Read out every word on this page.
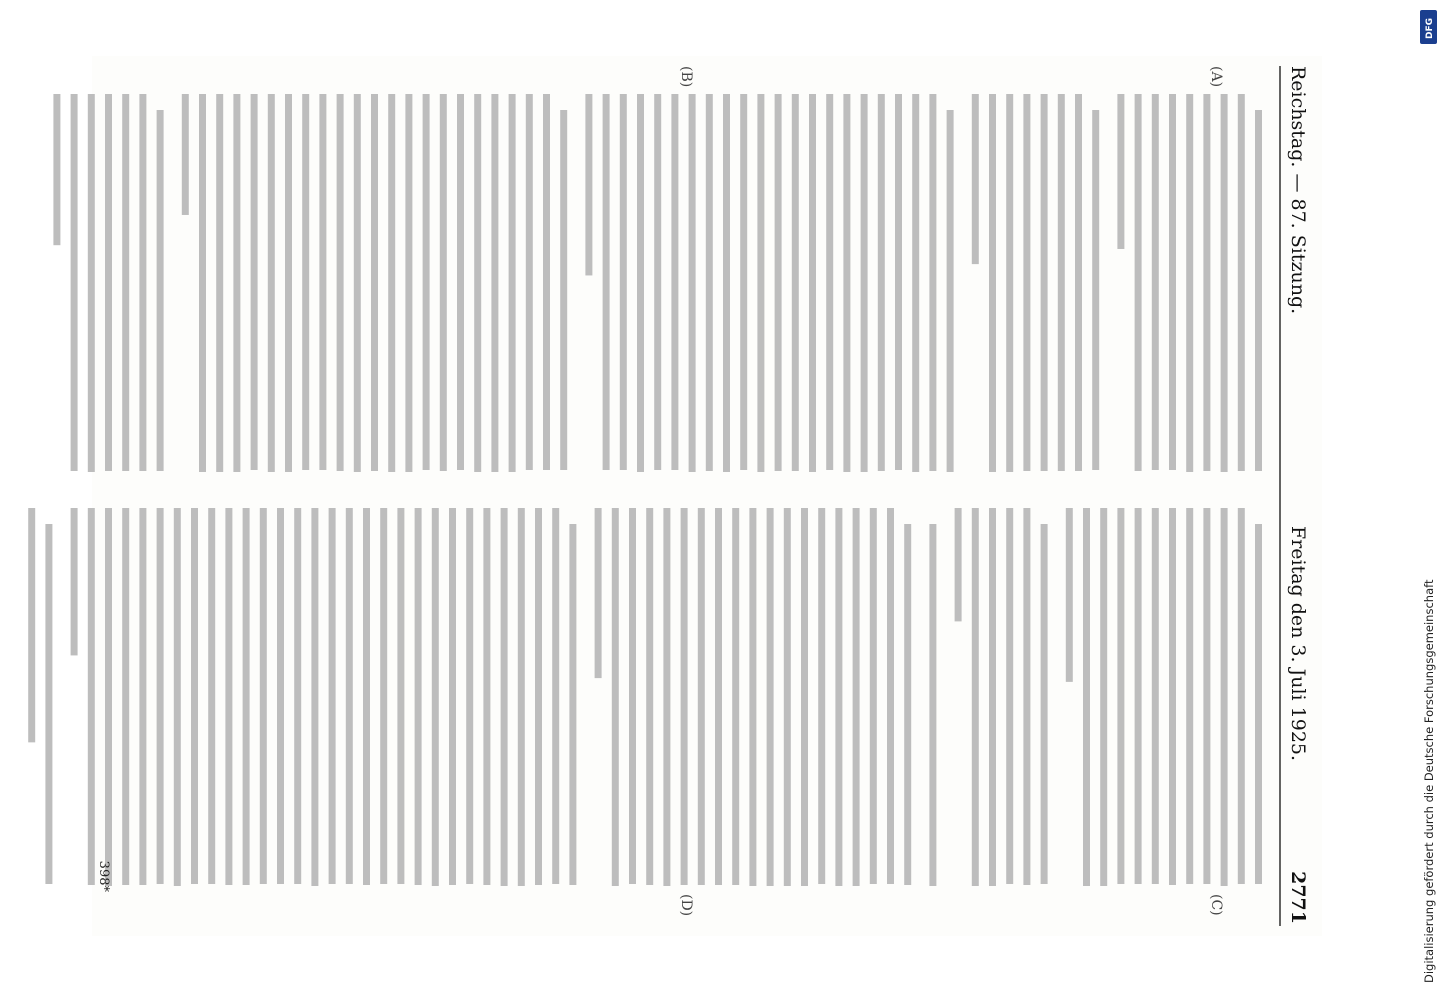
Reichstag. — 87. Sitzung.
Freitag den 3. Juli 1925.
2771
(A)
(B)
(C)
(D)
398*	Digitalisierung gefördert durch die Deutsche Forschungsgemeinschaft
DFG
